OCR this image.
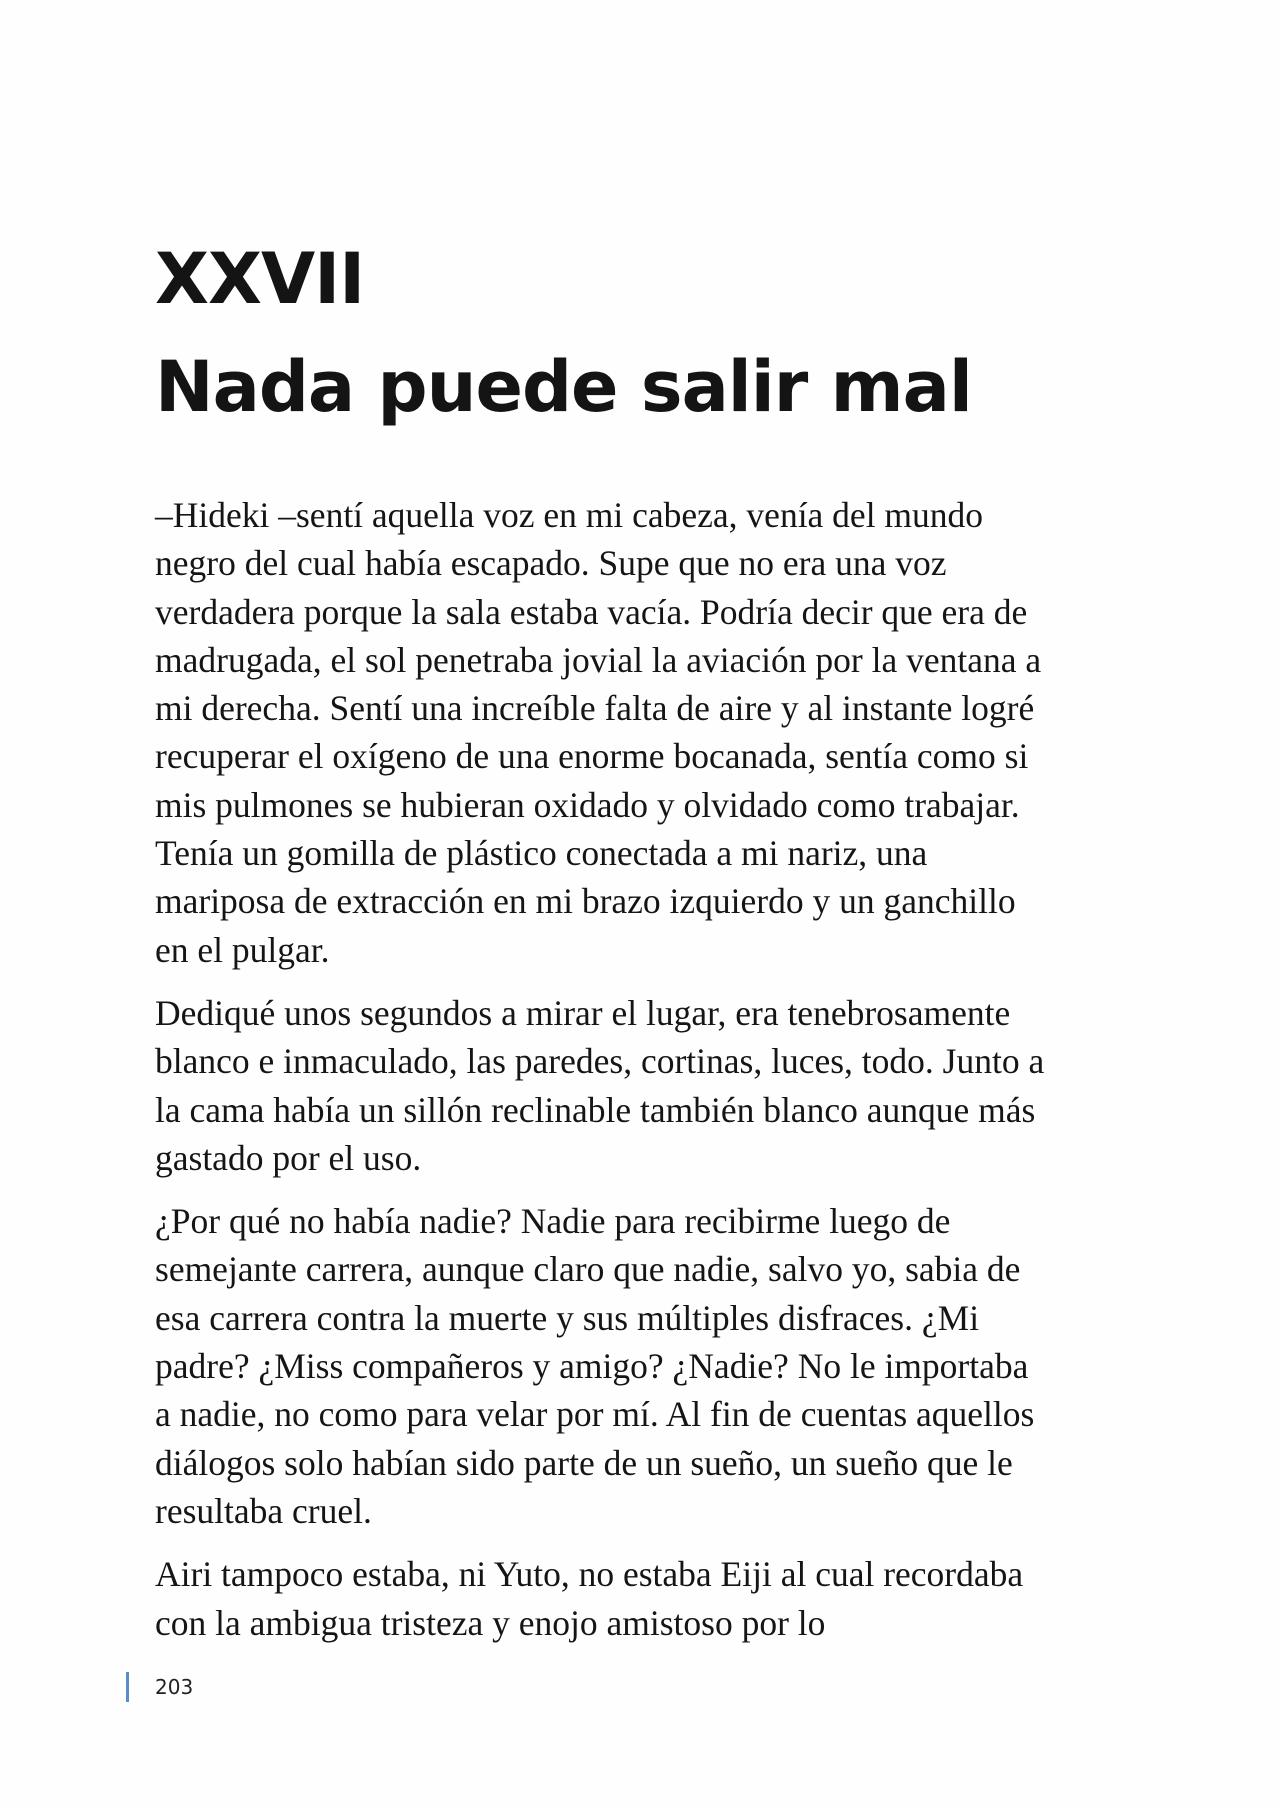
XXVII
Nada puede salir mal

–Hideki –sentí aquella voz en mi cabeza, venía del mundo
negro del cual había escapado. Supe que no era una voz
verdadera porque la sala estaba vacía. Podría decir que era de
madrugada, el sol penetraba jovial la aviación por la ventana a
mi derecha. Sentí una increíble falta de aire y al instante logré
recuperar el oxígeno de una enorme bocanada, sentía como si
mis pulmones se hubieran oxidado y olvidado como trabajar.
Tenía un gomilla de plástico conectada a mi nariz, una
mariposa de extracción en mi brazo izquierdo y un ganchillo
en el pulgar.

Dediqué unos segundos a mirar el lugar, era tenebrosamente
blanco e inmaculado, las paredes, cortinas, luces, todo. Junto a
la cama había un sillón reclinable también blanco aunque más
gastado por el uso.

¿Por qué no había nadie? Nadie para recibirme luego de
semejante carrera, aunque claro que nadie, salvo yo, sabia de
esa carrera contra la muerte y sus múltiples disfraces. ¿Mi
padre? ¿Miss compañeros y amigo? ¿Nadie? No le importaba
a nadie, no como para velar por mí. Al fin de cuentas aquellos
diálogos solo habían sido parte de un sueño, un sueño que le
resultaba cruel.

Airi tampoco estaba, ni Yuto, no estaba Eiji al cual recordaba
con la ambigua tristeza y enojo amistoso por lo

203
